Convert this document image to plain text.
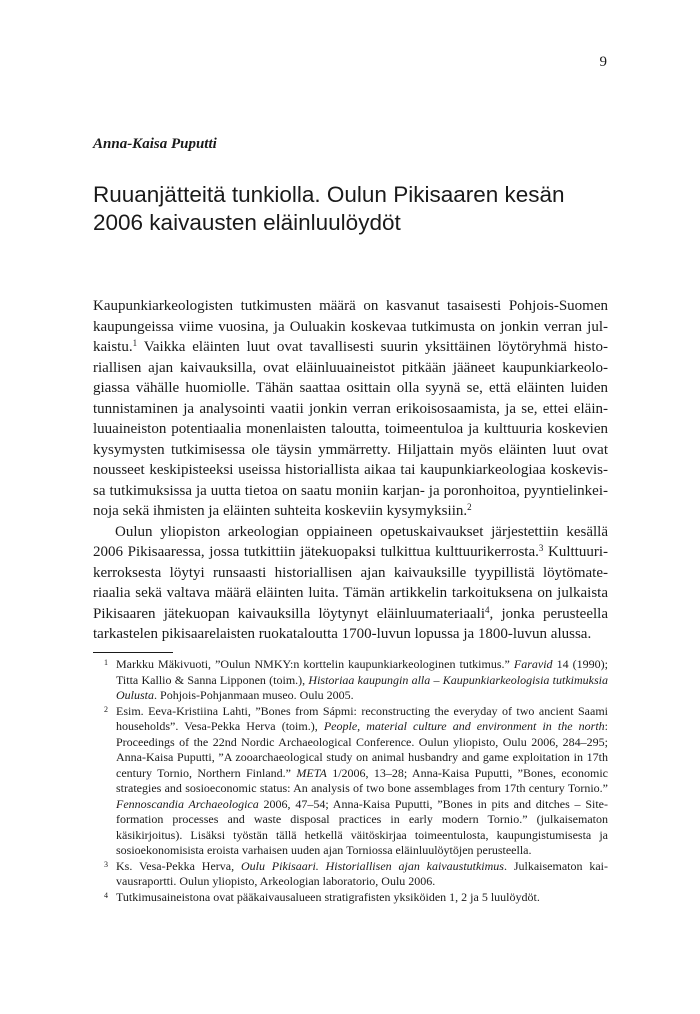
9
Anna-Kaisa Puputti
Ruuanjätteitä tunkiolla. Oulun Pikisaaren kesän 2006 kaivausten eläinluulöydöt

Kaupunkiarkeologisten tutkimusten määrä on kasvanut tasaisesti Pohjois-Suomen kaupungeissa viime vuosina, ja Ouluakin koskevaa tutkimusta on jonkin verran julkaistu.$^1$ Vaikka eläinten luut ovat tavallisesti suurin yksittäinen löytöryhmä historiallisen ajan kaivauksilla, ovat eläinluuaineistot pitkään jääneet kaupunkiarkeologiassa vähälle huomiolle. Tähän saattaa osittain olla syynä se, että eläinten luiden tunnistaminen ja analysointi vaatii jonkin verran erikoisosaamista, ja se, ettei eläinluuaineiston potentiaalia monenlaisten taloutta, toimeentuloa ja kulttuuria koskevien kysymysten tutkimisessa ole täysin ymmärretty. Hiljattain myös eläinten luut ovat nousseet keskipisteeksi useissa historiallista aikaa tai kaupunkiarkeologiaa koskevissa tutkimuksissa ja uutta tietoa on saatu moniin karjan- ja poronhoitoa, pyyntielinkeinoja sekä ihmisten ja eläinten suhteita koskeviin kysymyksiin.$^2$

Oulun yliopiston arkeologian oppiaineen opetuskaivaukset järjestettiin kesällä 2006 Pikisaaressa, jossa tutkittiin jätekuopaksi tulkittua kulttuurikerrosta.$^3$ Kulttuurikerroksesta löytyi runsaasti historiallisen ajan kaivauksille tyypillistä löytömateriaalia sekä valtava määrä eläinten luita. Tämän artikkelin tarkoituksena on julkaista Pikisaaren jätekuopan kaivauksilla löytynyt eläinluumateriaali$^4$, jonka perusteella tarkastelen pikisaarelaisten ruokataloutta 1700-luvun lopussa ja 1800-luvun alussa.

1 Markku Mäkivuoti, ”Oulun NMKY:n korttelin kaupunkiarkeologinen tutkimus.” Faravid 14 (1990); Titta Kallio & Sanna Lipponen (toim.), Historiaa kaupungin alla – Kaupunkiarkeologisia tutkimuksia Oulusta. Pohjois-Pohjanmaan museo. Oulu 2005.
2 Esim. Eeva-Kristiina Lahti, ”Bones from Sápmi: reconstructing the everyday of two ancient Saami households”. Vesa-Pekka Herva (toim.), People, material culture and environment in the north: Proceedings of the 22nd Nordic Archaeological Conference. Oulun yliopisto, Oulu 2006, 284–295; Anna-Kaisa Puputti, ”A zooarchaeological study on animal husbandry and game exploitation in 17th century Tornio, Northern Finland.” META 1/2006, 13–28; Anna-Kaisa Puputti, ”Bones, economic strategies and sosioeconomic status: An analysis of two bone assemblages from 17th century Tornio.” Fennoscandia Archaeologica 2006, 47–54; Anna-Kaisa Puputti, ”Bones in pits and ditches – Site-formation processes and waste disposal practices in early modern Tornio.” (julkaisematon käsikirjoitus). Lisäksi työstän tällä hetkellä väitöskirjaa toimeentulosta, kaupungistumisesta ja sosioekonomisista eroista varhaisen uuden ajan Torniossa eläinluulöytöjen perusteella.
3 Ks. Vesa-Pekka Herva, Oulu Pikisaari. Historiallisen ajan kaivaustutkimus. Julkaisematon kaivausraportti. Oulun yliopisto, Arkeologian laboratorio, Oulu 2006.
4 Tutkimusaineistona ovat pääkaivausalueen stratigrafisten yksiköiden 1, 2 ja 5 luulöydöt.
